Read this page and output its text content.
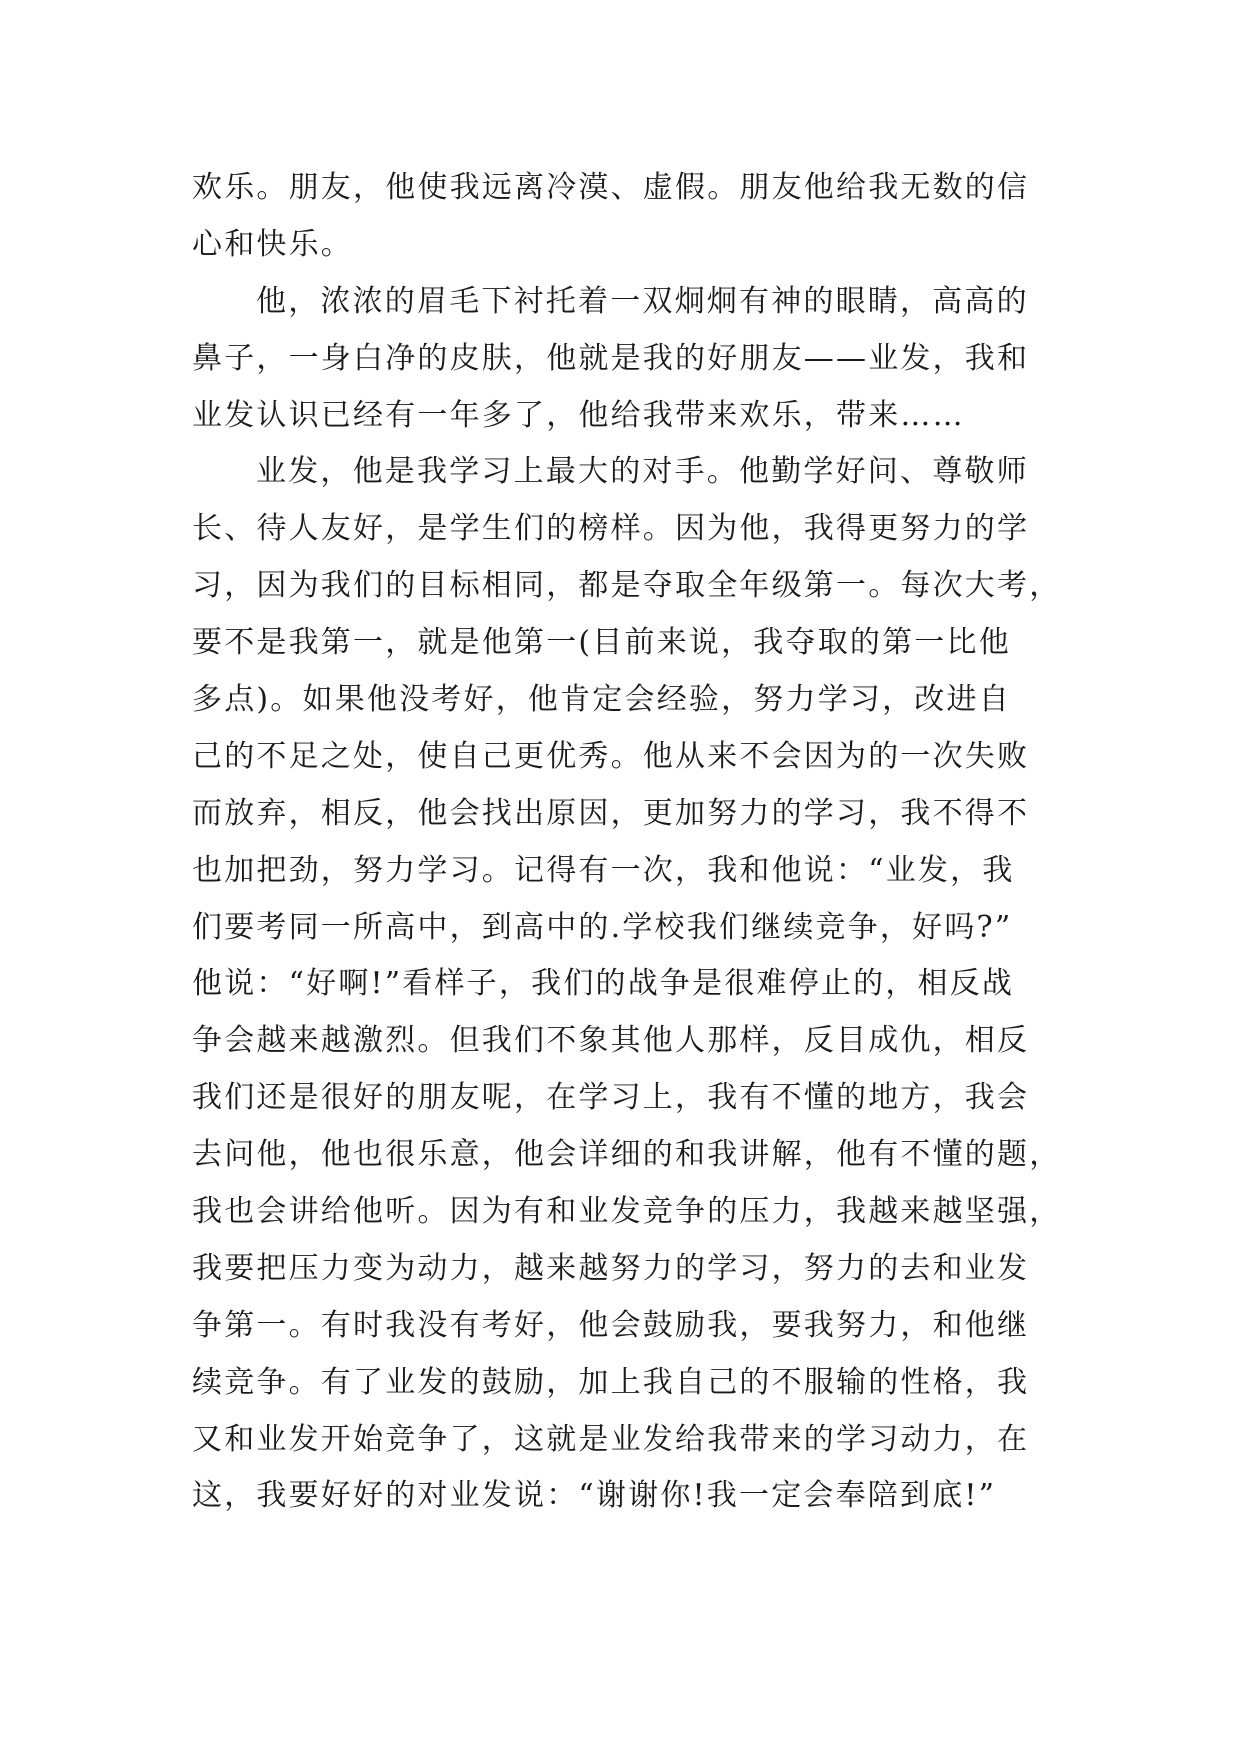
欢乐。朋友，他使我远离冷漠、虚假。朋友他给我无数的信
心和快乐。
他，浓浓的眉毛下衬托着一双炯炯有神的眼睛，高高的
鼻子，一身白净的皮肤，他就是我的好朋友——业发，我和
业发认识已经有一年多了，他给我带来欢乐，带来……
业发，他是我学习上最大的对手。他勤学好问、尊敬师
长、待人友好，是学生们的榜样。因为他，我得更努力的学
习，因为我们的目标相同，都是夺取全年级第一。每次大考，
要不是我第一，就是他第一(目前来说，我夺取的第一比他
多点)。如果他没考好，他肯定会经验，努力学习，改进自
己的不足之处，使自己更优秀。他从来不会因为的一次失败
而放弃，相反，他会找出原因，更加努力的学习，我不得不
也加把劲，努力学习。记得有一次，我和他说：“业发，我
们要考同一所高中，到高中的.学校我们继续竞争，好吗?”
他说：“好啊!”看样子，我们的战争是很难停止的，相反战
争会越来越激烈。但我们不象其他人那样，反目成仇，相反
我们还是很好的朋友呢，在学习上，我有不懂的地方，我会
去问他，他也很乐意，他会详细的和我讲解，他有不懂的题，
我也会讲给他听。因为有和业发竞争的压力，我越来越坚强，
我要把压力变为动力，越来越努力的学习，努力的去和业发
争第一。有时我没有考好，他会鼓励我，要我努力，和他继
续竞争。有了业发的鼓励，加上我自己的不服输的性格，我
又和业发开始竞争了，这就是业发给我带来的学习动力，在
这，我要好好的对业发说：“谢谢你!我一定会奉陪到底!”
